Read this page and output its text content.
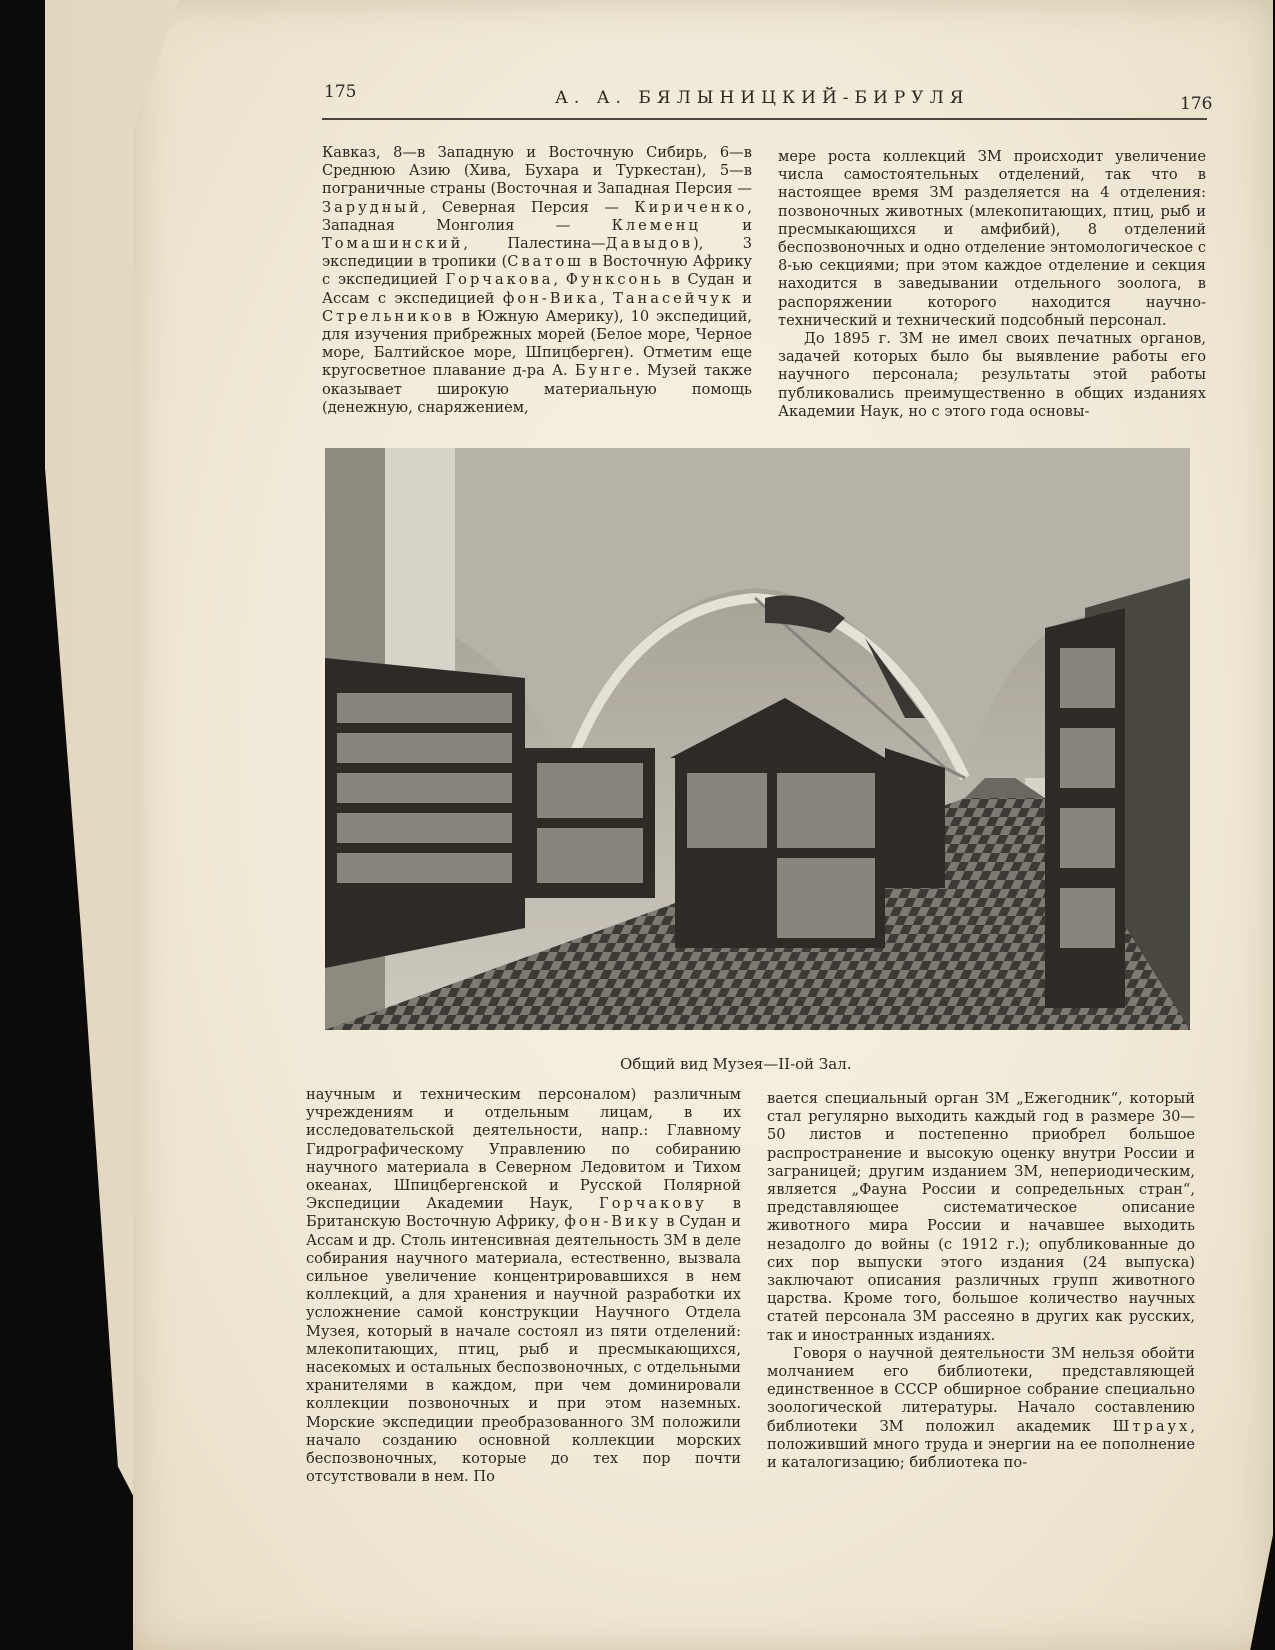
175	А. А. БЯЛЫНИЦКИЙ-БИРУЛЯ	176

Кавказ, 8—в Западную и Восточную Сибирь, 6—в Среднюю Азию (Хива, Бухара и Туркестан), 5—в пограничные страны (Восточная и Западная Персия — Зарудный, Северная Персия — Кириченко, Западная Монголия — Клеменц и Томашинский, Палестина—Давыдов), 3 экспедиции в тропики (Сватош в Восточную Африку с экспедицией Горчакова, Функсонь в Судан и Ассам с экспедицией фон-Вика, Танасейчук и Стрельников в Южную Америку), 10 экспедиций, для изучения прибрежных морей (Белое море, Черное море, Балтийское море, Шпицберген). Отметим еще кругосветное плавание д-ра А. Бунге. Музей также оказывает широкую материальную помощь (денежную, снаряжением,

мере роста коллекций ЗМ происходит увеличение числа самостоятельных отделений, так что в настоящее время ЗМ разделяется на 4 отделения: позвоночных животных (млекопитающих, птиц, рыб и пресмыкающихся и амфибий), 8 отделений беспозвоночных и одно отделение энтомологическое с 8-ью секциями; при этом каждое отделение и секция находится в заведывании отдельного зоолога, в распоряжении которого находится научно-технический и технический подсобный персонал.

До 1895 г. ЗМ не имел своих печатных органов, задачей которых было бы выявление работы его научного персонала; результаты этой работы публиковались преимущественно в общих изданиях Академии Наук, но с этого года основы-

Общий вид Музея—II-ой Зал.

научным и техническим персоналом) различным учреждениям и отдельным лицам, в их исследовательской деятельности, напр.: Главному Гидрографическому Управлению по собиранию научного материала в Северном Ледовитом и Тихом океанах, Шпицбергенской и Русской Полярной Экспедиции Академии Наук, Горчакову в Британскую Восточную Африку, фон-Вику в Судан и Ассам и др. Столь интенсивная деятельность ЗМ в деле собирания научного материала, естественно, вызвала сильное увеличение концентрировавшихся в нем коллекций, а для хранения и научной разработки их усложнение самой конструкции Научного Отдела Музея, который в начале состоял из пяти отделений: млекопитающих, птиц, рыб и пресмыкающихся, насекомых и остальных беспозвоночных, с отдельными хранителями в каждом, при чем доминировали коллекции позвоночных и при этом наземных. Морские экспедиции преобразованного ЗМ положили начало созданию основной коллекции морских беспозвоночных, которые до тех пор почти отсутствовали в нем. По

вается специальный орган ЗМ „Ежегодник“, который стал регулярно выходить каждый год в размере 30—50 листов и постепенно приобрел большое распространение и высокую оценку внутри России и заграницей; другим изданием ЗМ, непериодическим, является „Фауна России и сопредельных стран“, представляющее систематическое описание животного мира России и начавшее выходить незадолго до войны (с 1912 г.); опубликованные до сих пор выпуски этого издания (24 выпуска) заключают описания различных групп животного царства. Кроме того, большое количество научных статей персонала ЗМ рассеяно в других как русских, так и иностранных изданиях.

Говоря о научной деятельности ЗМ нельзя обойти молчанием его библиотеки, представляющей единственное в СССР обширное собрание специально зоологической литературы. Начало составлению библиотеки ЗМ положил академик Штраух, положивший много труда и энергии на ее пополнение и каталогизацию; библиотека по-
